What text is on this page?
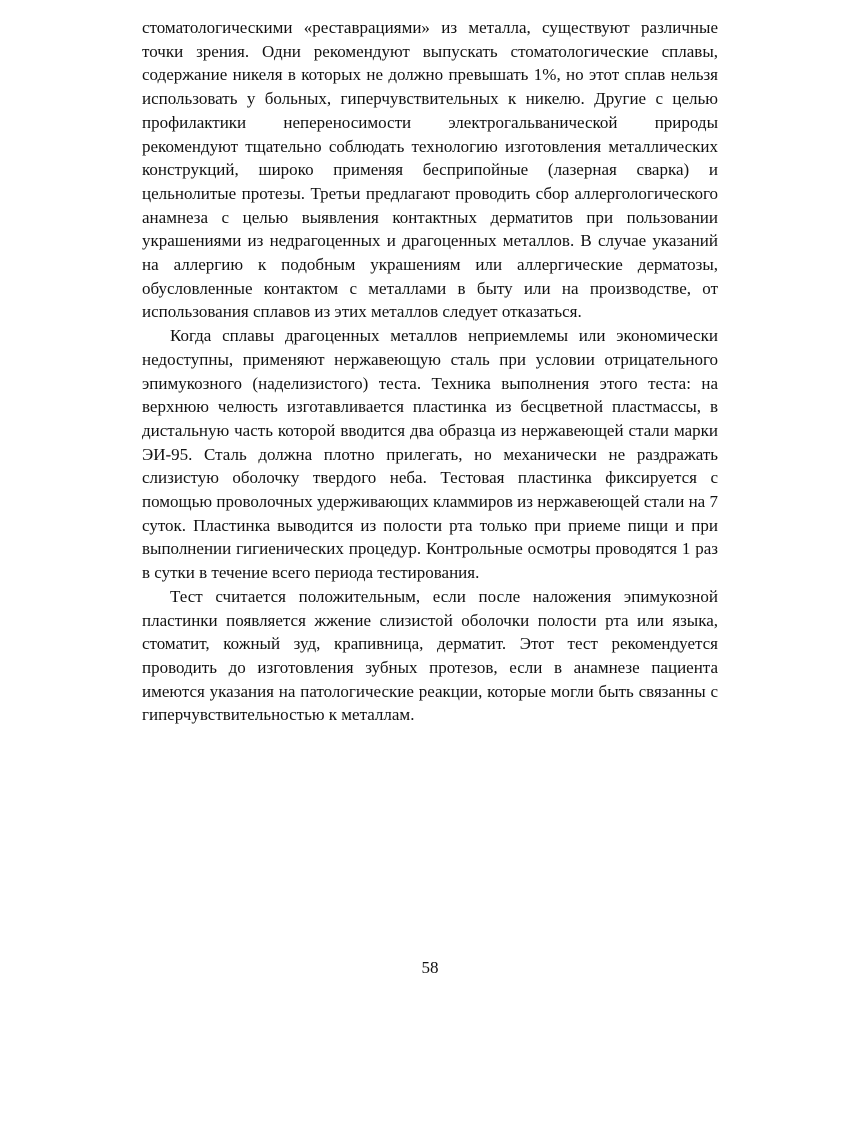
стоматологическими «реставрациями» из металла, существуют различные точки зрения. Одни рекомендуют выпускать стоматологические сплавы, содержание никеля в которых не должно превышать 1%, но этот сплав нельзя использовать у больных, гиперчувствительных к никелю. Другие с целью профилактики непереносимости электрогальванической природы рекомендуют тщательно соблюдать технологию изготовления металлических конструкций, широко применяя бесприпойные (лазерная сварка) и цельнолитые протезы. Третьи предлагают проводить сбор аллергологического анамнеза с целью выявления контактных дерматитов при пользовании украшениями из недрагоценных и драгоценных металлов. В случае указаний на аллергию к подобным украшениям или аллергические дерматозы, обусловленные контактом с металлами в быту или на производстве, от использования сплавов из этих металлов следует отказаться.

Когда сплавы драгоценных металлов неприемлемы или экономически недоступны, применяют нержавеющую сталь при условии отрицательного эпимукозного (наделизистого) теста. Техника выполнения этого теста: на верхнюю челюсть изготавливается пластинка из бесцветной пластмассы, в дистальную часть которой вводится два образца из нержавеющей стали марки ЭИ-95. Сталь должна плотно прилегать, но механически не раздражать слизистую оболочку твердого неба. Тестовая пластинка фиксируется с помощью проволочных удерживающих кламмиров из нержавеющей стали на 7 суток. Пластинка выводится из полости рта только при приеме пищи и при выполнении гигиенических процедур. Контрольные осмотры проводятся 1 раз в сутки в течение всего периода тестирования.

Тест считается положительным, если после наложения эпимукозной пластинки появляется жжение слизистой оболочки полости рта или языка, стоматит, кожный зуд, крапивница, дерматит. Этот тест рекомендуется проводить до изготовления зубных протезов, если в анамнезе пациента имеются указания на патологические реакции, которые могли быть связанны с гиперчувствительностью к металлам.

58
